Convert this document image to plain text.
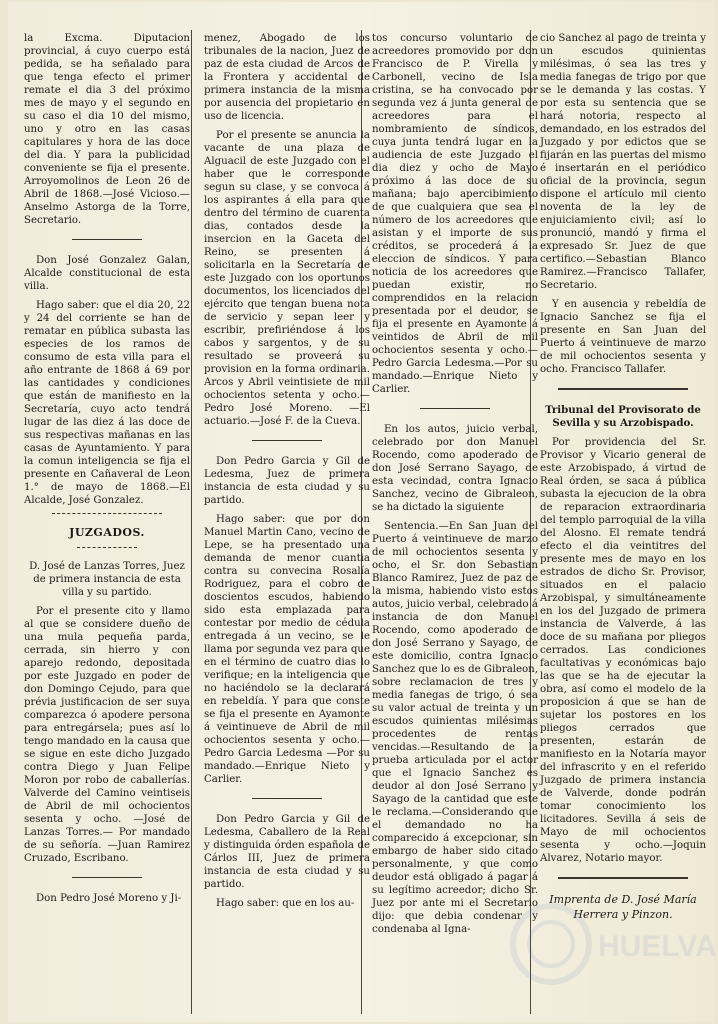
la Excma. Diputacion provincial, á cuyo cuerpo está pedida, se ha señalado para que tenga efecto el primer remate el dia 3 del próximo mes de mayo y el segundo en su caso el dia 10 del mismo, uno y otro en las casas capitulares y hora de las doce del dia. Y para la publicidad conveniente se fija el presente. Arroyomolinos de Leon 26 de Abril de 1868.—José Vicioso.—Anselmo Astorga de la Torre, Secretario.

Don José Gonzalez Galan, Alcalde constitucional de esta villa.

Hago saber: que el dia 20, 22 y 24 del corriente se han de rematar en pública subasta las especies de los ramos de consumo de esta villa para el año entrante de 1868 á 69 por las cantidades y condiciones que están de manifiesto en la Secretaría, cuyo acto tendrá lugar de las diez á las doce de sus respectivas mañanas en las casas de Ayuntamiento. Y para la comun inteligencia se fija el presente en Cañaveral de Leon 1.° de mayo de 1868.—El Alcalde, José Gonzalez.

JUZGADOS.

D. José de Lanzas Torres, Juez de primera instancia de esta villa y su partido.

Por el presente cito y llamo al que se considere dueño de una mula pequeña parda, cerrada, sin hierro y con aparejo redondo, depositada por este Juzgado en poder de don Domingo Cejudo, para que prévia justificacion de ser suya comparezca ó apodere persona para entregársela; pues así lo tengo mandado en la causa que se sigue en este dicho Juzgado contra Diego y Juan Felipe Moron por robo de caballerías. Valverde del Camino veintiseis de Abril de mil ochocientos sesenta y ocho. —José de Lanzas Torres.— Por mandado de su señoría. —Juan Ramirez Cruzado, Escribano.

Don Pedro José Moreno y Ji-

menez, Abogado de los tribunales de la nacion, Juez de paz de esta ciudad de Arcos de la Frontera y accidental de primera instancia de la misma por ausencia del propietario en uso de licencia.

Por el presente se anuncia la vacante de una plaza de Alguacil de este Juzgado con el haber que le corresponde segun su clase, y se convoca á los aspirantes á ella para que dentro del término de cuarenta dias, contados desde la insercion en la Gaceta del Reino, se presenten á solicitarla en la Secretaría de este Juzgado con los oportunos documentos, los licenciados del ejército que tengan buena nota de servicio y sepan leer y escribir, prefiriéndose á los cabos y sargentos, y de su resultado se proveerá su provision en la forma ordinaria. Arcos y Abril veintisiete de mil ochocientos setenta y ocho.—Pedro José Moreno. —El actuario.—José F. de la Cueva.

Don Pedro Garcia y Gil de Ledesma, Juez de primera instancia de esta ciudad y su partido.

Hago saber: que por don Manuel Martin Cano, vecino de Lepe, se ha presentado una demanda de menor cuantia contra su convecina Rosalía Rodriguez, para el cobro de doscientos escudos, habiendo sido esta emplazada para contestar por medio de cédula entregada á un vecino, se le llama por segunda vez para que en el término de cuatro dias lo verifique; en la inteligencia que no haciéndolo se la declarará en rebeldía. Y para que conste se fija el presente en Ayamonte á veintinueve de Abril de mil ochocientos sesenta y ocho.—Pedro Garcia Ledesma —Por su mandado.—Enrique Nieto y Carlier.

Don Pedro Garcia y Gil de Ledesma, Caballero de la Real y distinguida órden española de Cárlos III, Juez de primera instancia de esta ciudad y su partido.

Hago saber: que en los au-

tos concurso voluntario de acreedores promovido por don Francisco de P. Virella y Carbonell, vecino de Isla cristina, se ha convocado por segunda vez á junta general de acreedores para el nombramiento de síndicos, cuya junta tendrá lugar en la audiencia de este Juzgado el dia diez y ocho de Mayo próximo á las doce de su mañana; bajo apercibimiento de que cualquiera que sea el número de los acreedores que asistan y el importe de sus créditos, se procederá á la eleccion de síndicos. Y para noticia de los acreedores que puedan existir, no comprendidos en la relacion presentada por el deudor, se fija el presente en Ayamonte á veintidos de Abril de mil ochocientos sesenta y ocho.— Pedro Garcia Ledesma.—Por su mandado.—Enrique Nieto y Carlier.

En los autos, juicio verbal, celebrado por don Manuel Rocendo, como apoderado de don José Serrano Sayago, de esta vecindad, contra Ignacio Sanchez, vecino de Gibraleon, se ha dictado la siguiente

Sentencia.—En San Juan del Puerto á veintinueve de marzo de mil ochocientos sesenta y ocho, el Sr. don Sebastian Blanco Ramirez, Juez de paz de la misma, habiendo visto estos autos, juicio verbal, celebrado á instancia de don Manuel Rocendo, como apoderado de don José Serrano y Sayago, de este domicilio, contra Ignacio Sanchez que lo es de Gibraleon, sobre reclamacion de tres y media fanegas de trigo, ó sea su valor actual de treinta y un escudos quinientas milésimas procedentes de rentas vencidas.—Resultando de la prueba articulada por el actor que el Ignacio Sanchez es deudor al don José Serrano y Sayago de la cantidad que este le reclama.—Considerando que el demandado no ha comparecido á excepcionar, sin embargo de haber sido citado personalmente, y que como deudor está obligado á pagar á su legítimo acreedor; dicho Sr. Juez por ante mi el Secretario dijo: que debia condenar y condenaba al Igna-

cio Sanchez al pago de treinta y un escudos quinientas milésimas, ó sea las tres y media fanegas de trigo por que se le demanda y las costas. Y por esta su sentencia que se hará notoria, respecto al demandado, en los estrados del Juzgado y por edictos que se fijarán en las puertas del mismo é insertarán en el periódico oficial de la provincia, segun dispone el artículo mil ciento noventa de la ley de enjuiciamiento civil; así lo pronunció, mandó y firma el expresado Sr. Juez de que certifico.—Sebastian Blanco Ramirez.—Francisco Tallafer, Secretario.

Y en ausencia y rebeldía de Ignacio Sanchez se fija el presente en San Juan del Puerto á veintinueve de marzo de mil ochocientos sesenta y ocho. Francisco Tallafer.

Tribunal del Provisorato de Sevilla y su Arzobispado.

Por providencia del Sr. Provisor y Vicario general de este Arzobispado, á virtud de Real órden, se saca á pública subasta la ejecucion de la obra de reparacion extraordinaria del templo parroquial de la villa del Alosno. El remate tendrá efecto el dia veintitres del presente mes de mayo en los estrados de dicho Sr. Provisor, situados en el palacio Arzobispal, y simultáneamente en los del Juzgado de primera instancia de Valverde, á las doce de su mañana por pliegos cerrados. Las condiciones facultativas y económicas bajo las que se ha de ejecutar la obra, así como el modelo de la proposicion á que se han de sujetar los postores en los pliegos cerrados que presenten, estarán de manifiesto en la Notaría mayor del infrascrito y en el referido Juzgado de primera instancia de Valverde, donde podrán tomar conocimiento los licitadores. Sevilla á seis de Mayo de mil ochocientos sesenta y ocho.—Joquin Alvarez, Notario mayor.

Imprenta de D. José María
Herrera y Pinzon.
HUELVA
